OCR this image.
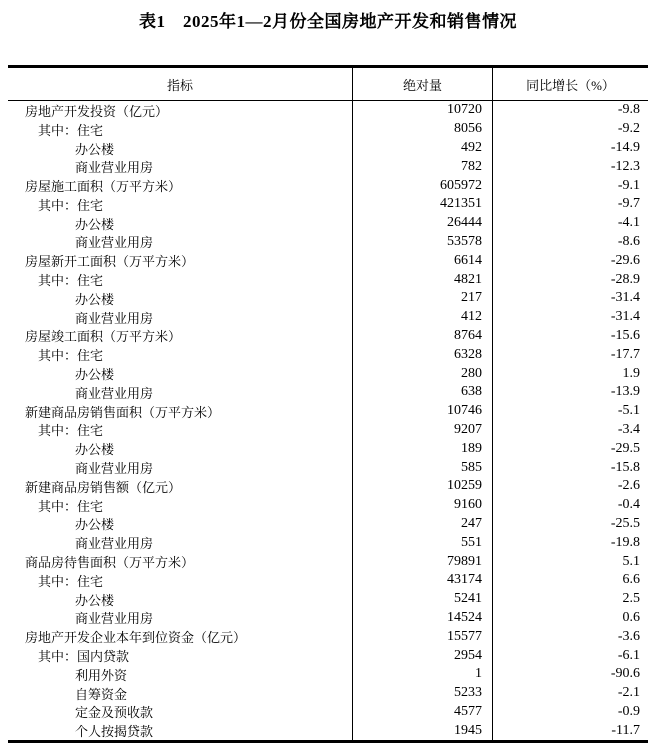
表1　2025年1—2月份全国房地产开发和销售情况
指标	绝对量	同比增长（%）
房地产开发投资（亿元）	10720	-9.8
其中：住宅	8056	-9.2
办公楼	492	-14.9
商业营业用房	782	-12.3
房屋施工面积（万平方米）	605972	-9.1
其中：住宅	421351	-9.7
办公楼	26444	-4.1
商业营业用房	53578	-8.6
房屋新开工面积（万平方米）	6614	-29.6
其中：住宅	4821	-28.9
办公楼	217	-31.4
商业营业用房	412	-31.4
房屋竣工面积（万平方米）	8764	-15.6
其中：住宅	6328	-17.7
办公楼	280	1.9
商业营业用房	638	-13.9
新建商品房销售面积（万平方米）	10746	-5.1
其中：住宅	9207	-3.4
办公楼	189	-29.5
商业营业用房	585	-15.8
新建商品房销售额（亿元）	10259	-2.6
其中：住宅	9160	-0.4
办公楼	247	-25.5
商业营业用房	551	-19.8
商品房待售面积（万平方米）	79891	5.1
其中：住宅	43174	6.6
办公楼	5241	2.5
商业营业用房	14524	0.6
房地产开发企业本年到位资金（亿元）	15577	-3.6
其中：国内贷款	2954	-6.1
利用外资	1	-90.6
自筹资金	5233	-2.1
定金及预收款	4577	-0.9
个人按揭贷款	1945	-11.7
